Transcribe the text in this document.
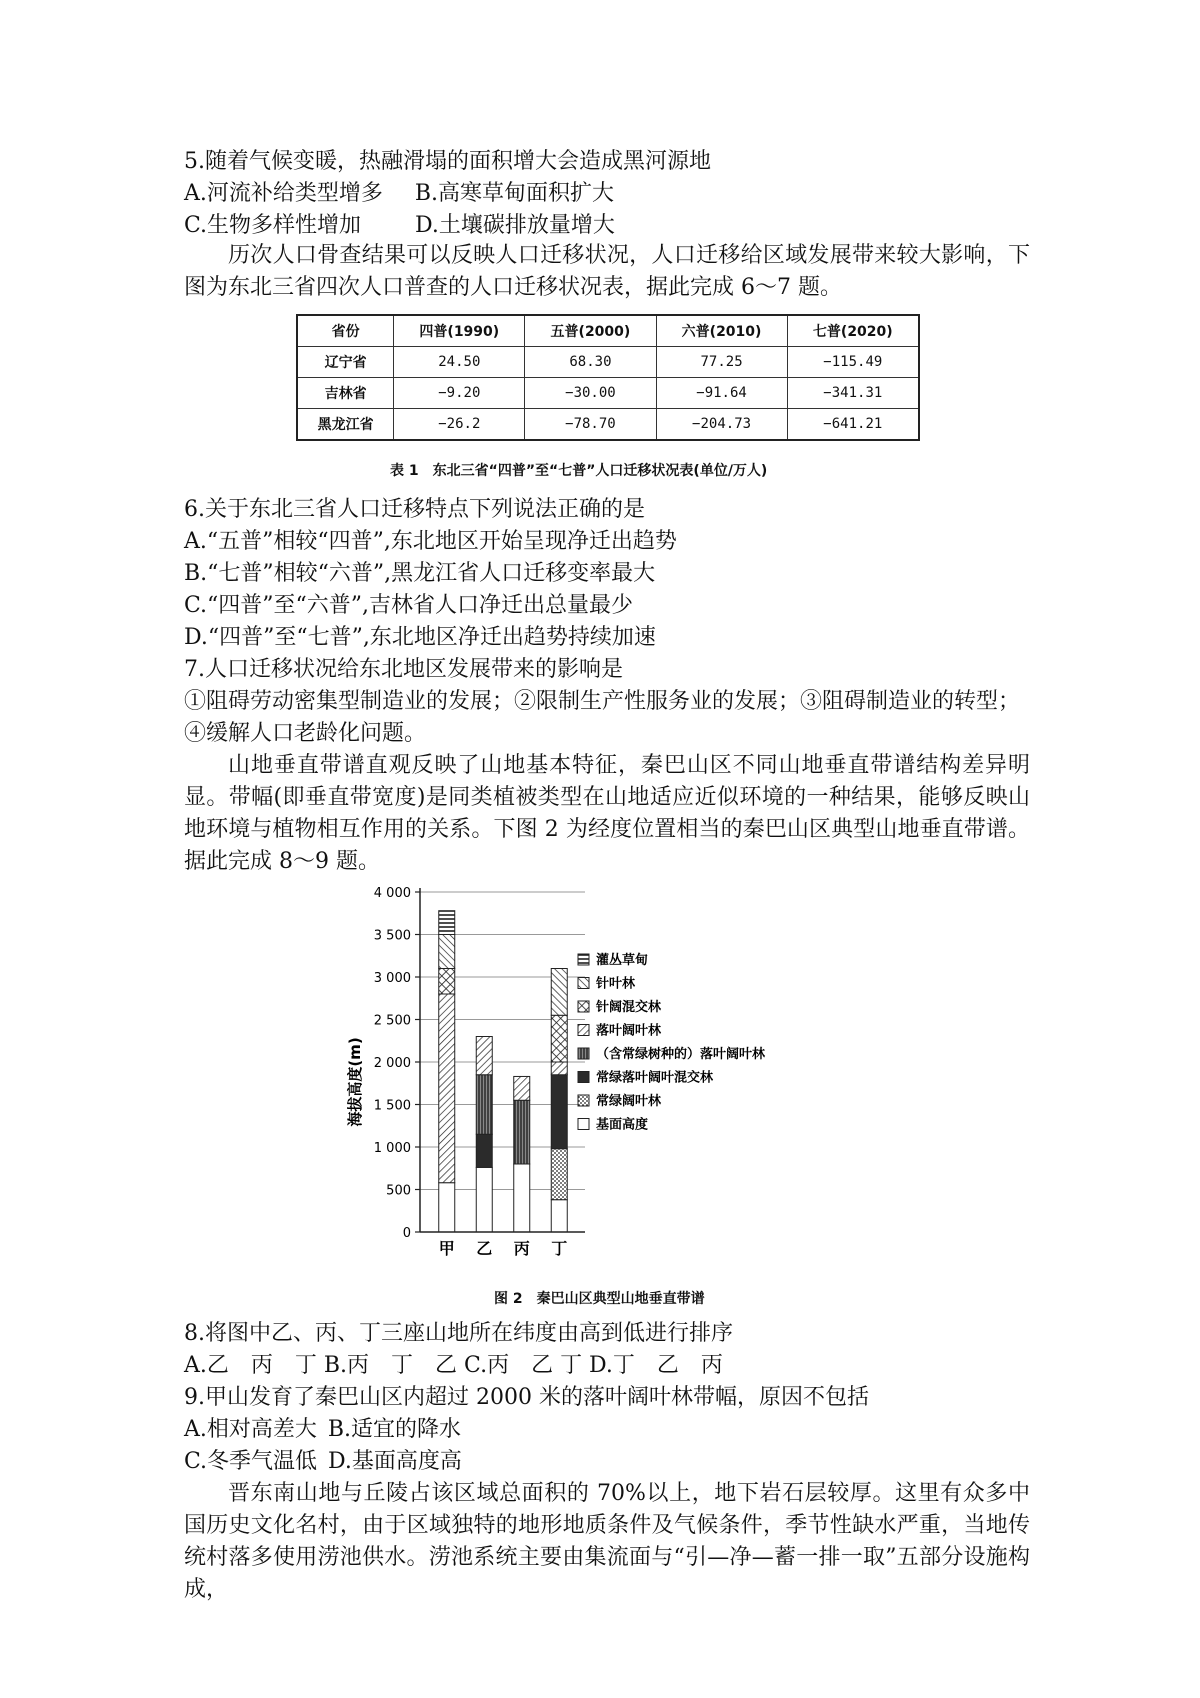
5.随着气候变暖，热融滑塌的面积增大会造成黑河源地
A.河流补给类型增多 B.高寒草甸面积扩大
C.生物多样性增加 D.土壤碳排放量增大
历次人口骨查结果可以反映人口迁移状况，人口迁移给区域发展带来较大影响，下图为东北三省四次人口普查的人口迁移状况表，据此完成 6～7 题。
省份	四普(1990)	五普(2000)	六普(2010)	七普(2020)
辽宁省	24.50	68.30	77.25	−115.49
吉林省	−9.20	−30.00	−91.64	−341.31
黑龙江省	−26.2	−78.70	−204.73	−641.21
表 1　东北三省“四普”至“七普”人口迁移状况表(单位/万人)
6.关于东北三省人口迁移特点下列说法正确的是
A.“五普”相较“四普”,东北地区开始呈现净迁出趋势
B.“七普”相较“六普”,黑龙江省人口迁移变率最大
C.“四普”至“六普”,吉林省人口净迁出总量最少
D.“四普”至“七普”,东北地区净迁出趋势持续加速
7.人口迁移状况给东北地区发展带来的影响是
①阻碍劳动密集型制造业的发展；②限制生产性服务业的发展；③阻碍制造业的转型；
④缓解人口老龄化问题。
山地垂直带谱直观反映了山地基本特征，秦巴山区不同山地垂直带谱结构差异明显。带幅(即垂直带宽度)是同类植被类型在山地适应近似环境的一种结果，能够反映山地环境与植物相互作用的关系。下图 2 为经度位置相当的秦巴山区典型山地垂直带谱。据此完成 8～9 题。
海拔高度(m)
0
500
1 000
1 500
2 000
2 500
3 000
3 500
4 000
甲 乙 丙 丁
灌丛草甸
针叶林
针阔混交林
落叶阔叶林
（含常绿树种的）落叶阔叶林
常绿落叶阔叶混交林
常绿阔叶林
基面高度
图 2　秦巴山区典型山地垂直带谱
8.将图中乙、丙、丁三座山地所在纬度由高到低进行排序
A.乙　丙　丁 B.丙　丁　乙 C.丙　乙 丁 D.丁　乙　丙
9.甲山发育了秦巴山区内超过 2000 米的落叶阔叶林带幅，原因不包括
A.相对高差大 B.适宜的降水
C.冬季气温低 D.基面高度高
晋东南山地与丘陵占该区域总面积的 70%以上，地下岩石层较厚。这里有众多中国历史文化名村，由于区域独特的地形地质条件及气候条件，季节性缺水严重，当地传统村落多使用涝池供水。涝池系统主要由集流面与“引—净—蓄一排一取”五部分设施构成，
